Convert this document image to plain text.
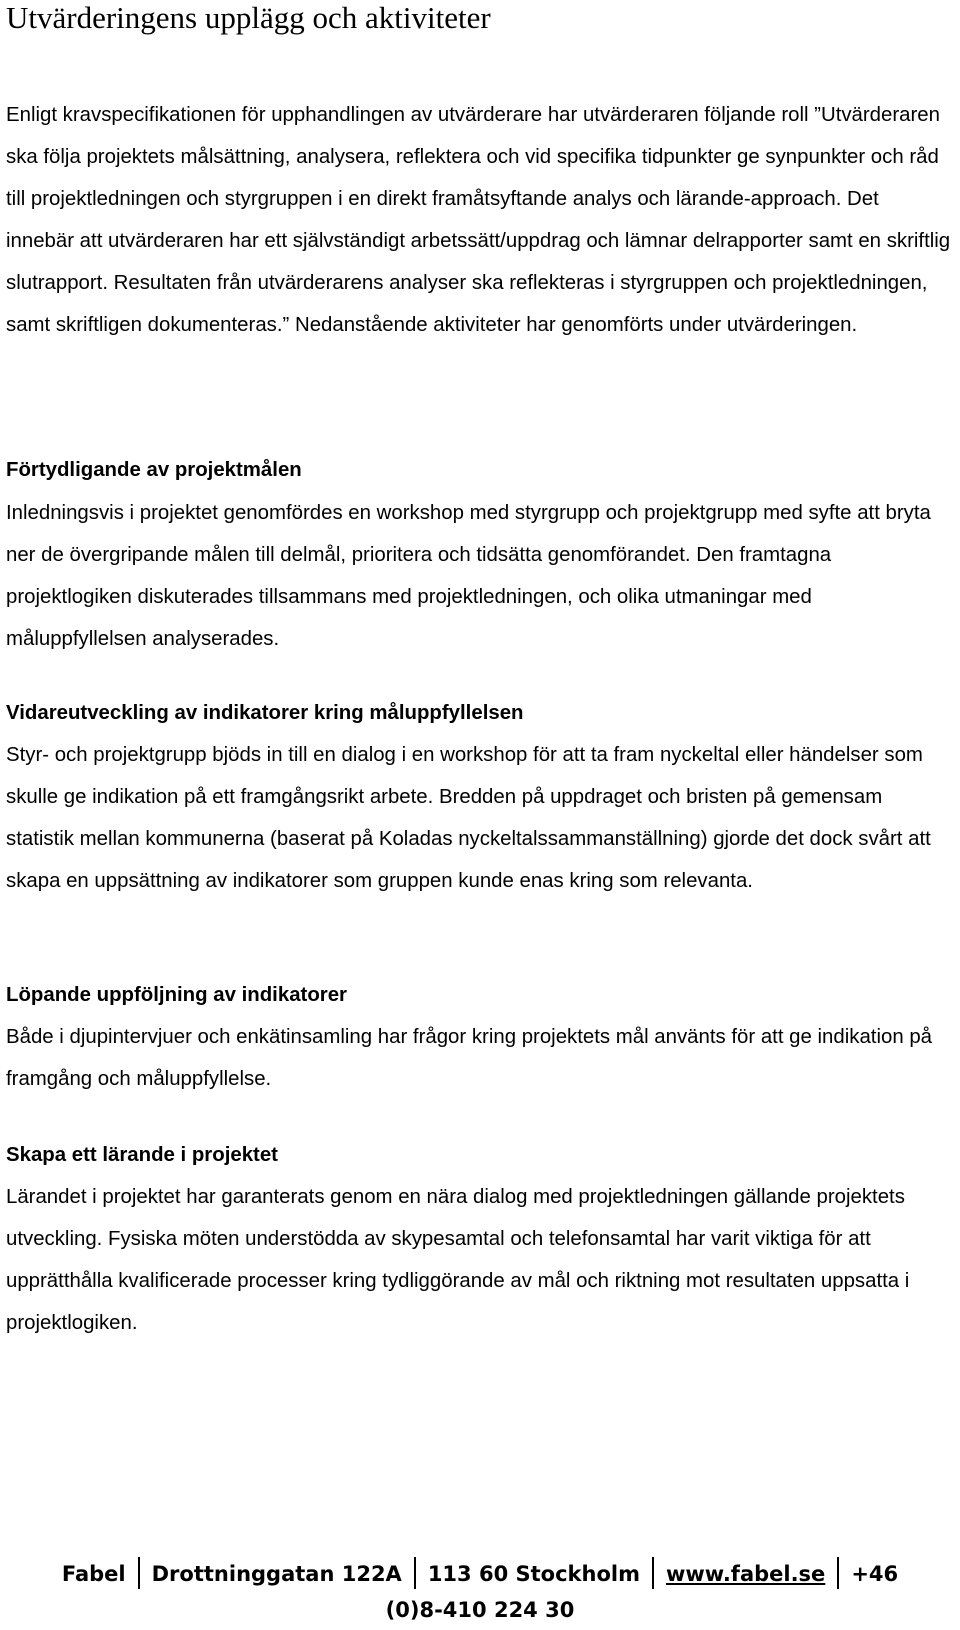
Utvärderingens upplägg och aktiviteter

Enligt kravspecifikationen för upphandlingen av utvärderare har utvärderaren följande roll ”Utvärderaren ska följa projektets målsättning, analysera, reflektera och vid specifika tidpunkter ge synpunkter och råd till projektledningen och styrgruppen i en direkt framåtsyftande analys och lärande-approach. Det innebär att utvärderaren har ett självständigt arbetssätt/uppdrag och lämnar delrapporter samt en skriftlig slutrapport. Resultaten från utvärderarens analyser ska reflekteras i styrgruppen och projektledningen, samt skriftligen dokumenteras.” Nedanstående aktiviteter har genomförts under utvärderingen.

Förtydligande av projektmålen

Inledningsvis i projektet genomfördes en workshop med styrgrupp och projektgrupp med syfte att bryta ner de övergripande målen till delmål, prioritera och tidsätta genomförandet. Den framtagna projektlogiken diskuterades tillsammans med projektledningen, och olika utmaningar med måluppfyllelsen analyserades.

Vidareutveckling av indikatorer kring måluppfyllelsen

Styr- och projektgrupp bjöds in till en dialog i en workshop för att ta fram nyckeltal eller händelser som skulle ge indikation på ett framgångsrikt arbete. Bredden på uppdraget och bristen på gemensam statistik mellan kommunerna (baserat på Koladas nyckeltalssammanställning) gjorde det dock svårt att skapa en uppsättning av indikatorer som gruppen kunde enas kring som relevanta.

Löpande uppföljning av indikatorer

Både i djupintervjuer och enkätinsamling har frågor kring projektets mål använts för att ge indikation på framgång och måluppfyllelse.

Skapa ett lärande i projektet

Lärandet i projektet har garanterats genom en nära dialog med projektledningen gällande projektets utveckling. Fysiska möten understödda av skypesamtal och telefonsamtal har varit viktiga för att upprätthålla kvalificerade processer kring tydliggörande av mål och riktning mot resultaten uppsatta i projektlogiken.

Fabel Drottninggatan 122A 113 60 Stockholm www.fabel.se +46
(0)8-410 224 30
